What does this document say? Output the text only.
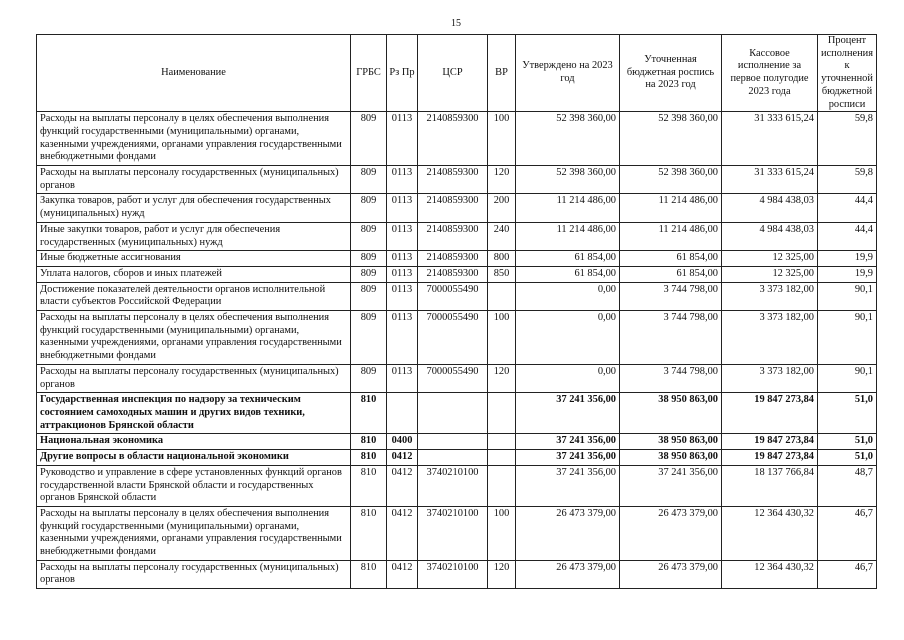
15
Наименование	ГРБС	Рз Пр	ЦСР	ВР	Утверждено на 2023 год	Уточненная бюджетная роспись на 2023 год	Кассовое исполнение за первое полугодие 2023 года	Процент исполнения к уточненной бюджетной росписи
Расходы на выплаты персоналу в целях обеспечения выполнения функций государственными (муниципальными) органами, казенными учреждениями, органами управления государственными внебюджетными фондами	809	0113	2140859300	100	52 398 360,00	52 398 360,00	31 333 615,24	59,8
Расходы на выплаты персоналу государственных (муниципальных) органов	809	0113	2140859300	120	52 398 360,00	52 398 360,00	31 333 615,24	59,8
Закупка товаров, работ и услуг для обеспечения государственных (муниципальных) нужд	809	0113	2140859300	200	11 214 486,00	11 214 486,00	4 984 438,03	44,4
Иные закупки товаров, работ и услуг для обеспечения государственных (муниципальных) нужд	809	0113	2140859300	240	11 214 486,00	11 214 486,00	4 984 438,03	44,4
Иные бюджетные ассигнования	809	0113	2140859300	800	61 854,00	61 854,00	12 325,00	19,9
Уплата налогов, сборов и иных платежей	809	0113	2140859300	850	61 854,00	61 854,00	12 325,00	19,9
Достижение показателей деятельности органов исполнительной власти субъектов Российской Федерации	809	0113	7000055490		0,00	3 744 798,00	3 373 182,00	90,1
Расходы на выплаты персоналу в целях обеспечения выполнения функций государственными (муниципальными) органами, казенными учреждениями, органами управления государственными внебюджетными фондами	809	0113	7000055490	100	0,00	3 744 798,00	3 373 182,00	90,1
Расходы на выплаты персоналу государственных (муниципальных) органов	809	0113	7000055490	120	0,00	3 744 798,00	3 373 182,00	90,1
Государственная инспекция по надзору за техническим состоянием самоходных машин и других видов техники, аттракционов Брянской области	810				37 241 356,00	38 950 863,00	19 847 273,84	51,0
Национальная экономика	810	0400			37 241 356,00	38 950 863,00	19 847 273,84	51,0
Другие вопросы в области национальной экономики	810	0412			37 241 356,00	38 950 863,00	19 847 273,84	51,0
Руководство и управление в сфере установленных функций органов государственной власти Брянской области и государственных органов Брянской области	810	0412	3740210100		37 241 356,00	37 241 356,00	18 137 766,84	48,7
Расходы на выплаты персоналу в целях обеспечения выполнения функций государственными (муниципальными) органами, казенными учреждениями, органами управления государственными внебюджетными фондами	810	0412	3740210100	100	26 473 379,00	26 473 379,00	12 364 430,32	46,7
Расходы на выплаты персоналу государственных (муниципальных) органов	810	0412	3740210100	120	26 473 379,00	26 473 379,00	12 364 430,32	46,7
